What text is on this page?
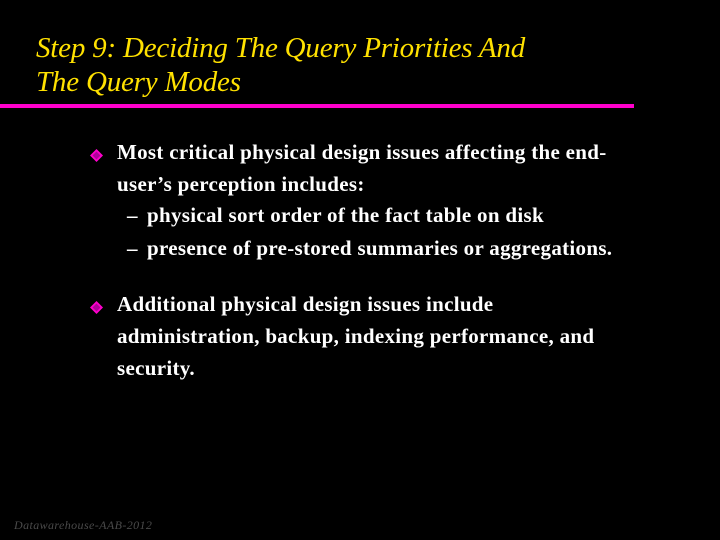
Step 9: Deciding The Query Priorities And
The Query Modes
Most critical physical design issues affecting the end-
user’s perception includes:
– physical sort order of the fact table on disk
– presence of pre-stored summaries or aggregations.
Additional physical design issues include
administration, backup, indexing performance, and
security.
Datawarehouse-AAB-2012
